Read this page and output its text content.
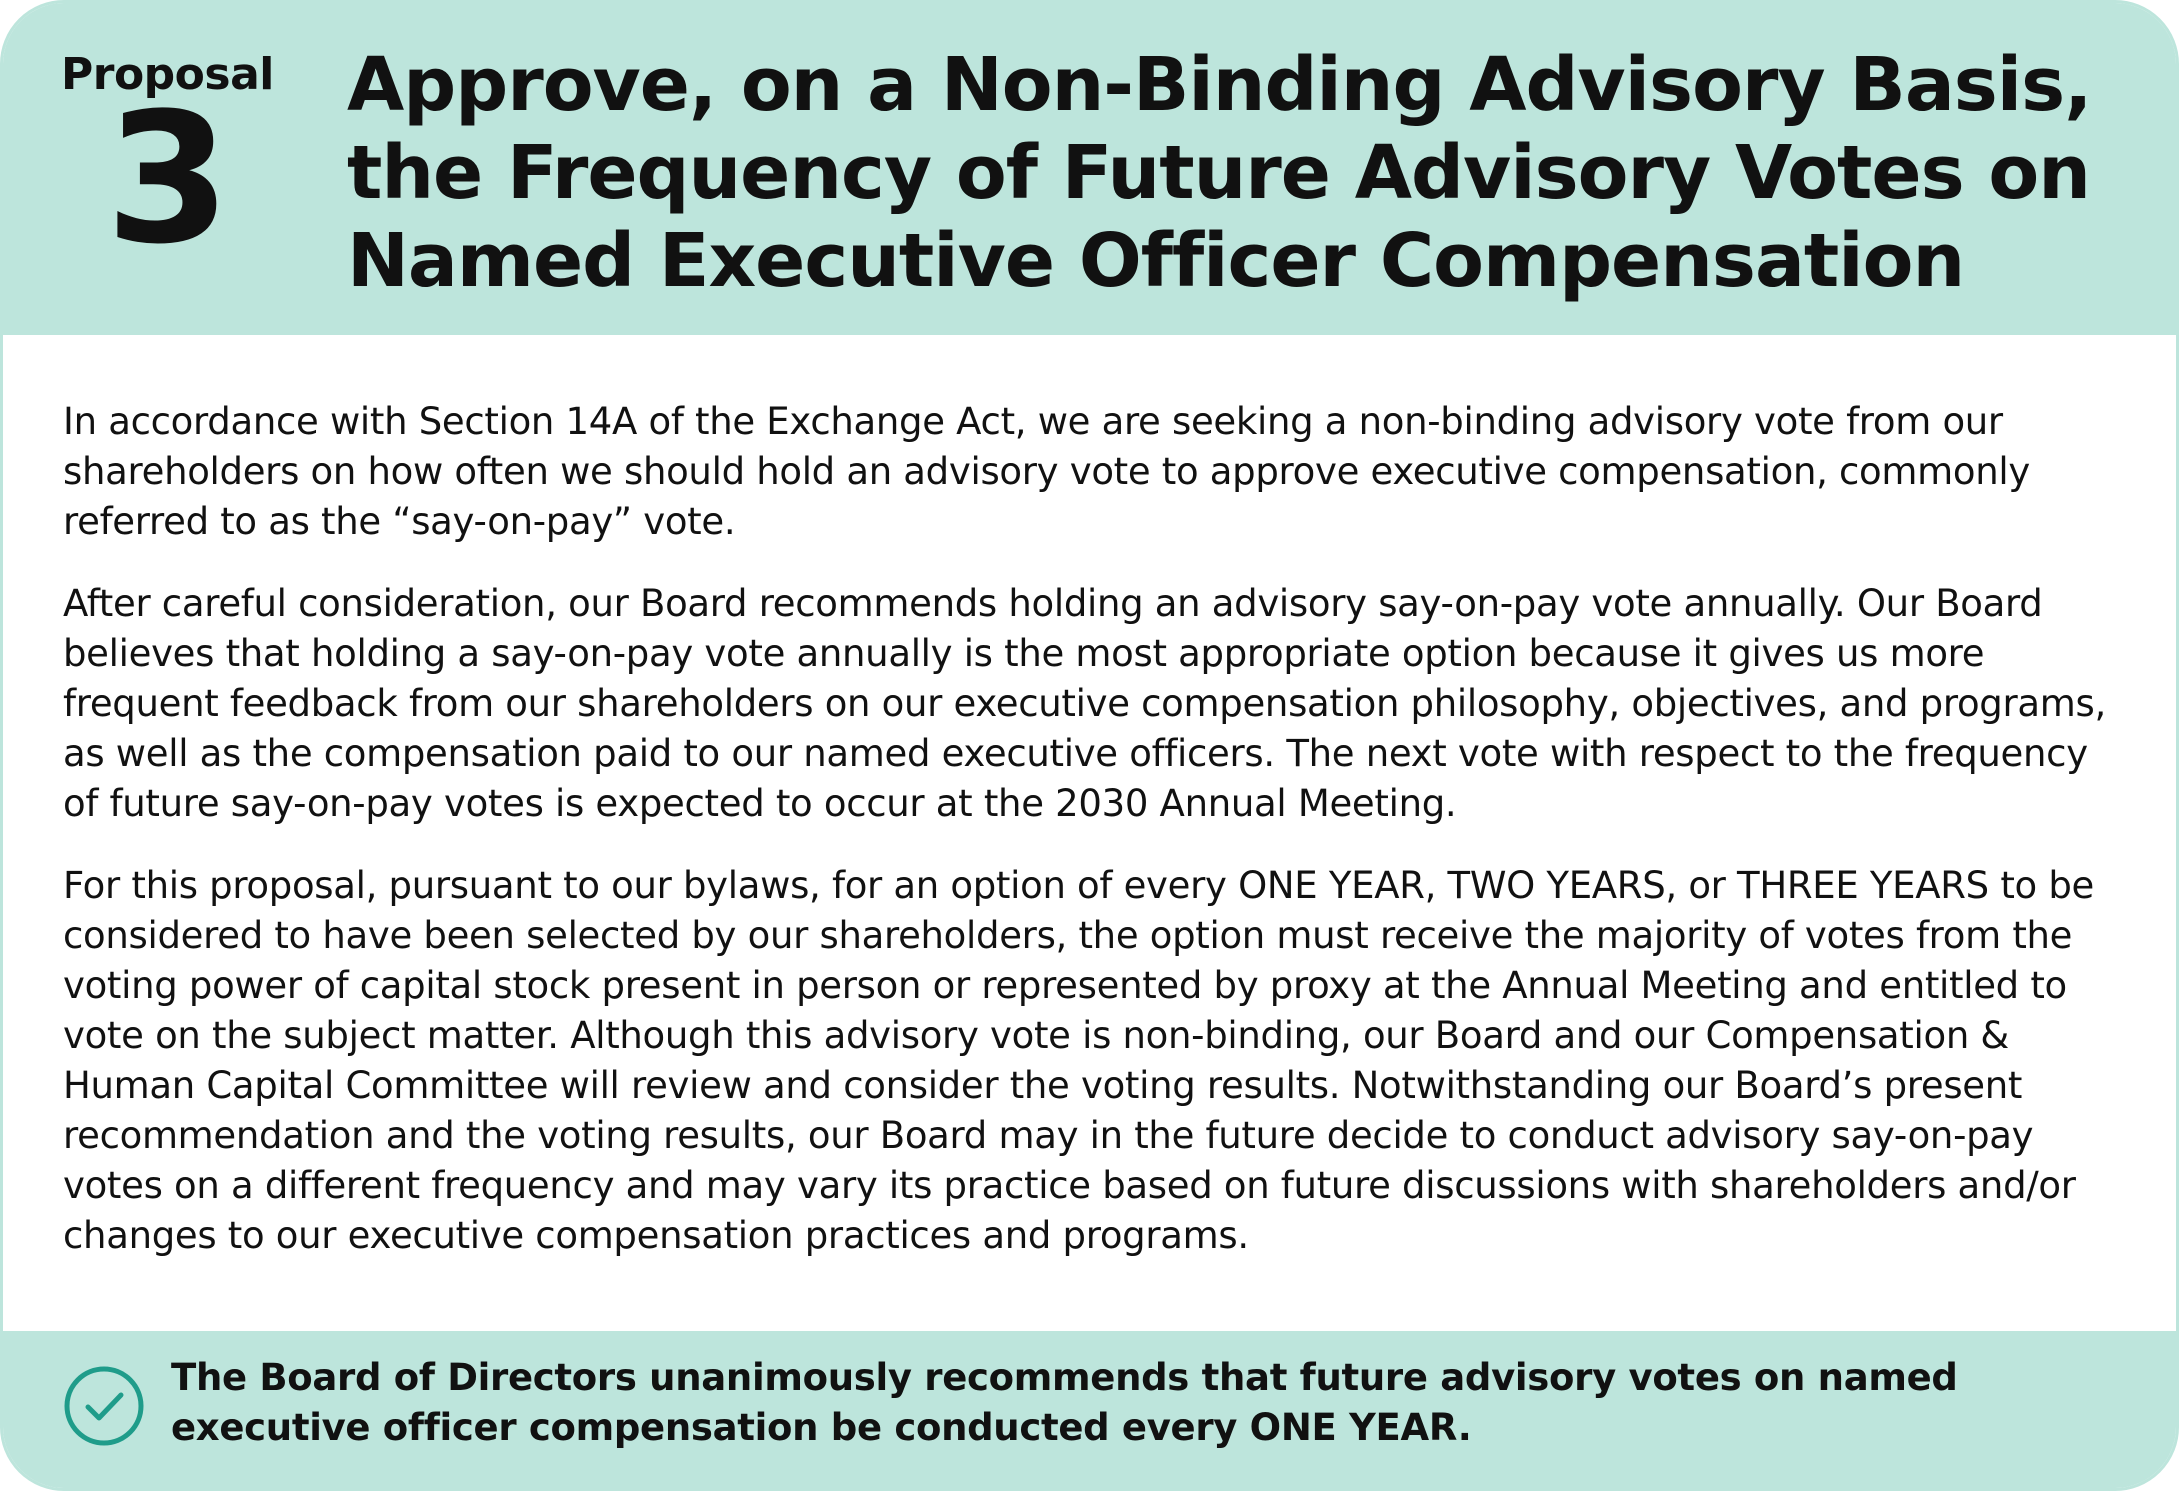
Proposal
3	Approve, on a Non-Binding Advisory Basis, the Frequency of Future Advisory Votes on Named Executive Officer Compensation

In accordance with Section 14A of the Exchange Act, we are seeking a non-binding advisory vote from our shareholders on how often we should hold an advisory vote to approve executive compensation, commonly referred to as the “say-on-pay” vote.

After careful consideration, our Board recommends holding an advisory say-on-pay vote annually. Our Board believes that holding a say-on-pay vote annually is the most appropriate option because it gives us more frequent feedback from our shareholders on our executive compensation philosophy, objectives, and programs, as well as the compensation paid to our named executive officers. The next vote with respect to the frequency of future say-on-pay votes is expected to occur at the 2030 Annual Meeting.

For this proposal, pursuant to our bylaws, for an option of every ONE YEAR, TWO YEARS, or THREE YEARS to be considered to have been selected by our shareholders, the option must receive the majority of votes from the voting power of capital stock present in person or represented by proxy at the Annual Meeting and entitled to vote on the subject matter. Although this advisory vote is non-binding, our Board and our Compensation & Human Capital Committee will review and consider the voting results. Notwithstanding our Board’s present recommendation and the voting results, our Board may in the future decide to conduct advisory say-on-pay votes on a different frequency and may vary its practice based on future discussions with shareholders and/or changes to our executive compensation practices and programs.

The Board of Directors unanimously recommends that future advisory votes on named executive officer compensation be conducted every ONE YEAR.
